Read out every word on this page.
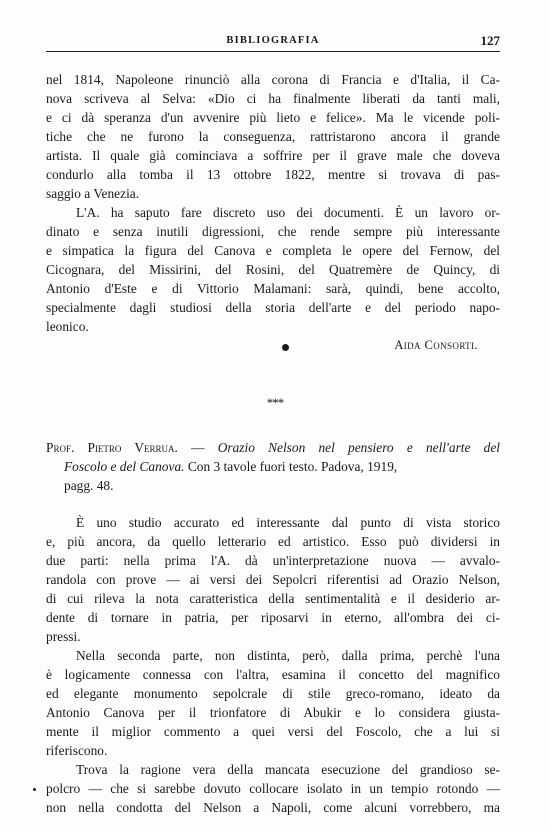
BIBLIOGRAFIA	127
nel 1814, Napoleone rinunciò alla corona di Francia e d'Italia, il Ca-
nova scriveva al Selva: «Dio ci ha finalmente liberati da tanti mali,
e ci dà speranza d'un avvenire più lieto e felice». Ma le vicende poli-
tiche che ne furono la conseguenza, rattristarono ancora il grande
artista. Il quale già cominciava a soffrire per il grave male che doveva
condurlo alla tomba il 13 ottobre 1822, mentre si trovava di pas-
saggio a Venezia.
L'A. ha saputo fare discreto uso dei documenti. È un lavoro or-
dinato e senza inutili digressioni, che rende sempre più interessante
e simpatica la figura del Canova e completa le opere del Fernow, del
Cicognara, del Missirini, del Rosini, del Quatremère de Quincy, di
Antonio d'Este e di Vittorio Malamani: sarà, quindi, bene accolto,
specialmente dagli studiosi della storia dell'arte e del periodo napo-
leonico.
Aida Consorti.
***
Prof. Pietro Verrua. — Orazio Nelson nel pensiero e nell'arte del
Foscolo e del Canova. Con 3 tavole fuori testo. Padova, 1919,
pagg. 48.
È uno studio accurato ed interessante dal punto di vista storico
e, più ancora, da quello letterario ed artistico. Esso può dividersi in
due parti: nella prima l'A. dà un'interpretazione nuova — avvalo-
randola con prove — ai versi dei Sepolcri riferentisi ad Orazio Nelson,
di cui rileva la nota caratteristica della sentimentalità e il desiderio ar-
dente di tornare in patria, per riposarvi in eterno, all'ombra dei ci-
pressi.
Nella seconda parte, non distinta, però, dalla prima, perchè l'una
è logicamente connessa con l'altra, esamina il concetto del magnifico
ed elegante monumento sepolcrale di stile greco-romano, ideato da
Antonio Canova per il trionfatore di Abukir e lo considera giusta-
mente il miglior commento a quei versi del Foscolo, che a lui si
riferiscono.
Trova la ragione vera della mancata esecuzione del grandioso se-
polcro — che si sarebbe dovuto collocare isolato in un tempio rotondo —
non nella condotta del Nelson a Napoli, come alcuni vorrebbero, ma
